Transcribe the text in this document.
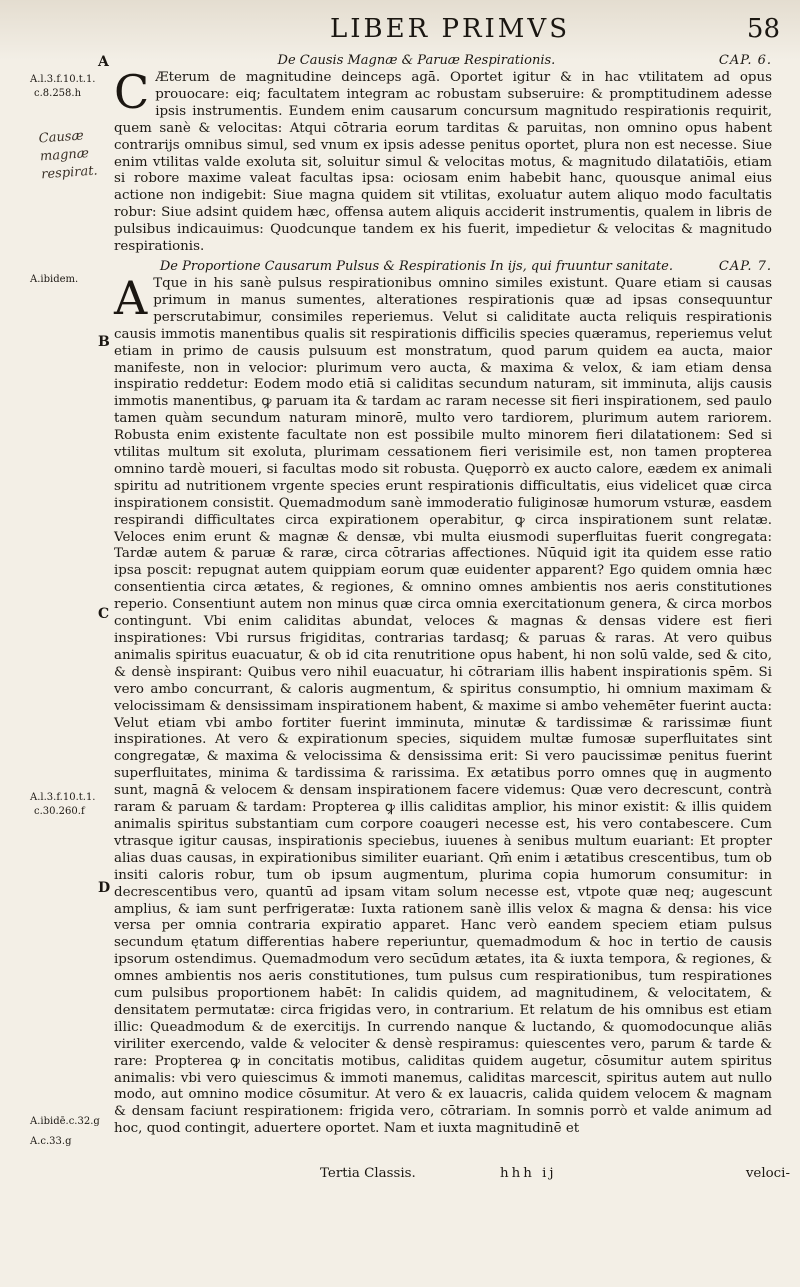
LIBER PRIMVS	58
A
B
C
D
A.l.3.f.10.t.1.
c.8.258.h
A.ibidem.
A.l.3.f.10.t.1.
c.30.260.f
A.ibidē.c.32.g
A.c.33.g
Causæ magnæ respirat.
De Causis Magnæ & Paruæ Respirationis.	CAP. 6.

C Æterum de magnitudine deinceps agā. Oportet igitur & in hac vtilitatem ad opus prouocare: eiq; facultatem integram ac robustam subseruire: & promptitudinem adesse ipsis instrumentis. Eundem enim causarum concursum magnitudo respirationis requirit, quem sanè & velocitas: Atqui cōtraria eorum tarditas & paruitas, non omnino opus habent contrarijs omnibus simul, sed vnum ex ipsis adesse penitus oportet, plura non est necesse. Siue enim vtilitas valde exoluta sit, soluitur simul & velocitas motus, & magnitudo dilatatiōis, etiam si robore maxime valeat facultas ipsa: ociosam enim habebit hanc, quousque animal eius actione non indigebit: Siue magna quidem sit vtilitas, exoluatur autem aliquo modo facultatis robur: Siue adsint quidem hæc, offensa autem aliquis acciderit instrumentis, qualem in libris de pulsibus indicauimus: Quodcunque tandem ex his fuerit, impedietur & velocitas & magnitudo respirationis.

De Proportione Causarum Pulsus & Respirationis In ijs, qui fruuntur sanitate.	CAP. 7.

A Tque in his sanè pulsus respirationibus omnino similes existunt. Quare etiam si causas primum in manus sumentes, alterationes respirationis quæ ad ipsas consequuntur perscrutabimur, consimiles reperiemus. Velut si caliditate aucta reliquis respirationis causis immotis manentibus qualis sit respirationis difficilis species quæramus, reperiemus velut etiam in primo de causis pulsuum est monstratum, quod parum quidem ea aucta, maior manifeste, non in velocior: plurimum vero aucta, & maxima & velox, & iam etiam densa inspiratio reddetur: Eodem modo etiā si caliditas secundum naturam, sit imminuta, alijs causis immotis manentibus, ꝙ paruam ita & tardam ac raram necesse sit fieri inspirationem, sed paulo tamen quàm secundum naturam minorē, multo vero tardiorem, plurimum autem rariorem. Robusta enim existente facultate non est possibile multo minorem fieri dilatationem: Sed si vtilitas multum sit exoluta, plurimam cessationem fieri verisimile est, non tamen propterea omnino tardè moueri, si facultas modo sit robusta. Quęporrò ex aucto calore, eædem ex animali spiritu ad nutritionem vrgente species erunt respirationis difficultatis, eius videlicet quæ circa inspirationem consistit. Quemadmodum sanè immoderatio fuliginosæ humorum vsturæ, easdem respirandi difficultates circa expirationem operabitur, ꝙ circa inspirationem sunt relatæ. Veloces enim erunt & magnæ & densæ, vbi multa eiusmodi superfluitas fuerit congregata: Tardæ autem & paruæ & raræ, circa cōtrarias affectiones. Nūquid igit ita quidem esse ratio ipsa poscit: repugnat autem quippiam eorum quæ euidenter apparent? Ego quidem omnia hæc consentientia circa ætates, & regiones, & omnino omnes ambientis nos aeris constitutiones reperio. Consentiunt autem non minus quæ circa omnia exercitationum genera, & circa morbos contingunt. Vbi enim caliditas abundat, veloces & magnas & densas videre est fieri inspirationes: Vbi rursus frigiditas, contrarias tardasq; & paruas & raras. At vero quibus animalis spiritus euacuatur, & ob id cita renutritione opus habent, hi non solū valde, sed & cito, & densè inspirant: Quibus vero nihil euacuatur, hi cōtrariam illis habent inspirationis spēm. Si vero ambo concurrant, & caloris augmentum, & spiritus consumptio, hi omnium maximam & velocissimam & densissimam inspirationem habent, & maxime si ambo vehemēter fuerint aucta: Velut etiam vbi ambo fortiter fuerint imminuta, minutæ & tardissimæ & rarissimæ fiunt inspirationes. At vero & expirationum species, siquidem multæ fumosæ superfluitates sint congregatæ, & maxima & velocissima & densissima erit: Si vero paucissimæ penitus fuerint superfluitates, minima & tardissima & rarissima. Ex ætatibus porro omnes quę in augmento sunt, magnā & velocem & densam inspirationem facere videmus: Quæ vero decrescunt, contrà raram & paruam & tardam: Propterea ꝙ illis caliditas amplior, his minor existit: & illis quidem animalis spiritus substantiam cum corpore coaugeri necesse est, his vero contabescere. Cum vtrasque igitur causas, inspirationis speciebus, iuuenes à senibus multum euariant: Et propter alias duas causas, in expirationibus similiter euariant. Qm̄ enim i ætatibus crescentibus, tum ob insiti caloris robur, tum ob ipsum augmentum, plurima copia humorum consumitur: in decrescentibus vero, quantū ad ipsam vitam solum necesse est, vtpote quæ neq; augescunt amplius, & iam sunt perfrigeratæ: Iuxta rationem sanè illis velox & magna & densa: his vice versa per omnia contraria expiratio apparet. Hanc verò eandem speciem etiam pulsus secundum ętatum differentias habere reperiuntur, quemadmodum & hoc in tertio de causis ipsorum ostendimus. Quemadmodum vero secūdum ætates, ita & iuxta tempora, & regiones, & omnes ambientis nos aeris constitutiones, tum pulsus cum respirationibus, tum respirationes cum pulsibus proportionem habēt: In calidis quidem, ad magnitudinem, & velocitatem, & densitatem permutatæ: circa frigidas vero, in contrarium. Et relatum de his omnibus est etiam illic: Queadmodum & de exercitijs. In currendo nanque & luctando, & quomodocunque aliās viriliter exercendo, valde & velociter & densè respiramus: quiescentes vero, parum & tarde & rare: Propterea ꝙ in concitatis motibus, caliditas quidem augetur, cōsumitur autem spiritus animalis: vbi vero quiescimus & immoti manemus, caliditas marcescit, spiritus autem aut nullo modo, aut omnino modice cōsumitur. At vero & ex lauacris, calida quidem velocem & magnam & densam faciunt respirationem: frigida vero, cōtrariam. In somnis porrò et valde animum ad hoc, quod contingit, aduertere oportet. Nam et iuxta magnitudinē et

Tertia Classis.	hhh ij	veloci-
